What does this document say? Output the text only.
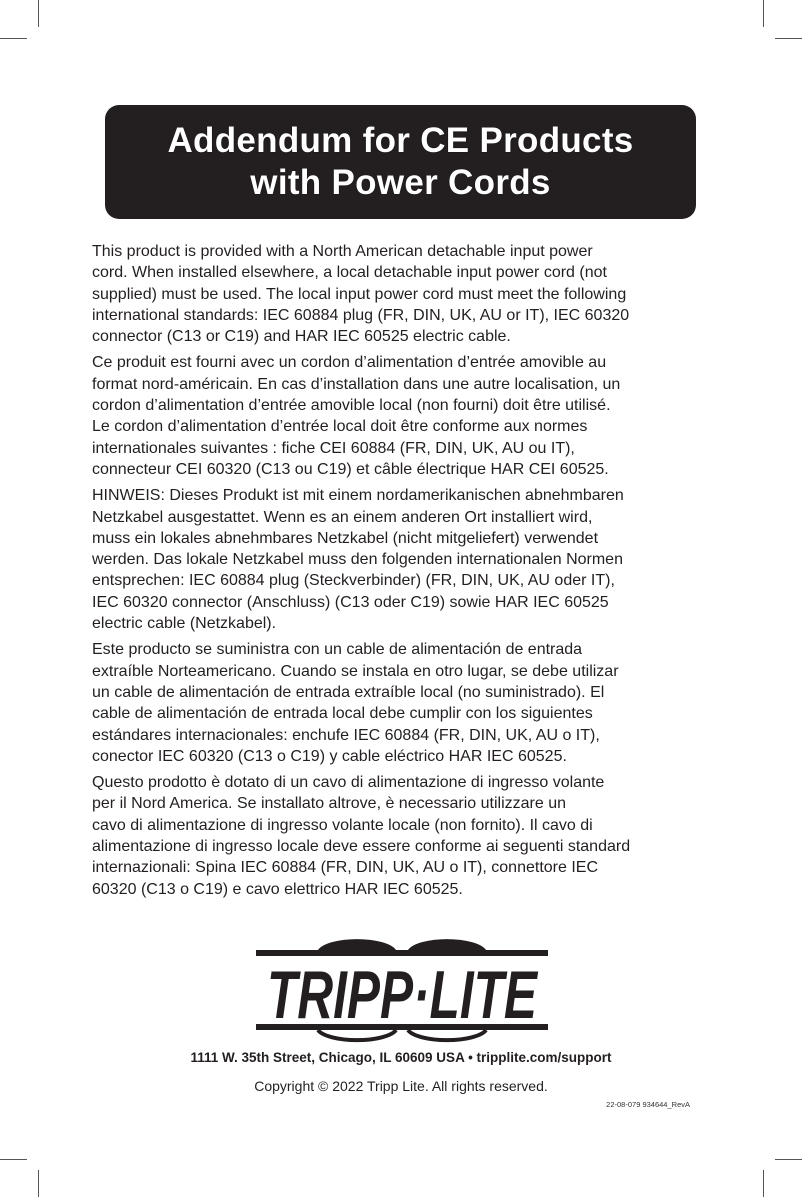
Addendum for CE Products
with Power Cords

This product is provided with a North American detachable input power
cord. When installed elsewhere, a local detachable input power cord (not
supplied) must be used. The local input power cord must meet the following
international standards: IEC 60884 plug (FR, DIN, UK, AU or IT), IEC 60320
connector (C13 or C19) and HAR IEC 60525 electric cable.

Ce produit est fourni avec un cordon d’alimentation d’entrée amovible au
format nord-américain. En cas d’installation dans une autre localisation, un
cordon d’alimentation d’entrée amovible local (non fourni) doit être utilisé.
Le cordon d’alimentation d’entrée local doit être conforme aux normes
internationales suivantes : fiche CEI 60884 (FR, DIN, UK, AU ou IT),
connecteur CEI 60320 (C13 ou C19) et câble électrique HAR CEI 60525.

HINWEIS: Dieses Produkt ist mit einem nordamerikanischen abnehmbaren
Netzkabel ausgestattet. Wenn es an einem anderen Ort installiert wird,
muss ein lokales abnehmbares Netzkabel (nicht mitgeliefert) verwendet
werden. Das lokale Netzkabel muss den folgenden internationalen Normen
entsprechen: IEC 60884 plug (Steckverbinder) (FR, DIN, UK, AU oder IT),
IEC 60320 connector (Anschluss) (C13 oder C19) sowie HAR IEC 60525
electric cable (Netzkabel).

Este producto se suministra con un cable de alimentación de entrada
extraíble Norteamericano. Cuando se instala en otro lugar, se debe utilizar
un cable de alimentación de entrada extraíble local (no suministrado). El
cable de alimentación de entrada local debe cumplir con los siguientes
estándares internacionales: enchufe IEC 60884 (FR, DIN, UK, AU o IT),
conector IEC 60320 (C13 o C19) y cable eléctrico HAR IEC 60525.

Questo prodotto è dotato di un cavo di alimentazione di ingresso volante
per il Nord America. Se installato altrove, è necessario utilizzare un
cavo di alimentazione di ingresso volante locale (non fornito). Il cavo di
alimentazione di ingresso locale deve essere conforme ai seguenti standard
internazionali: Spina IEC 60884 (FR, DIN, UK, AU o IT), connettore IEC
60320 (C13 o C19) e cavo elettrico HAR IEC 60525.

TRIPP·LITE
1111 W. 35th Street, Chicago, IL 60609 USA • tripplite.com/support
Copyright © 2022 Tripp Lite. All rights reserved.
22-08-079 934644_RevA
